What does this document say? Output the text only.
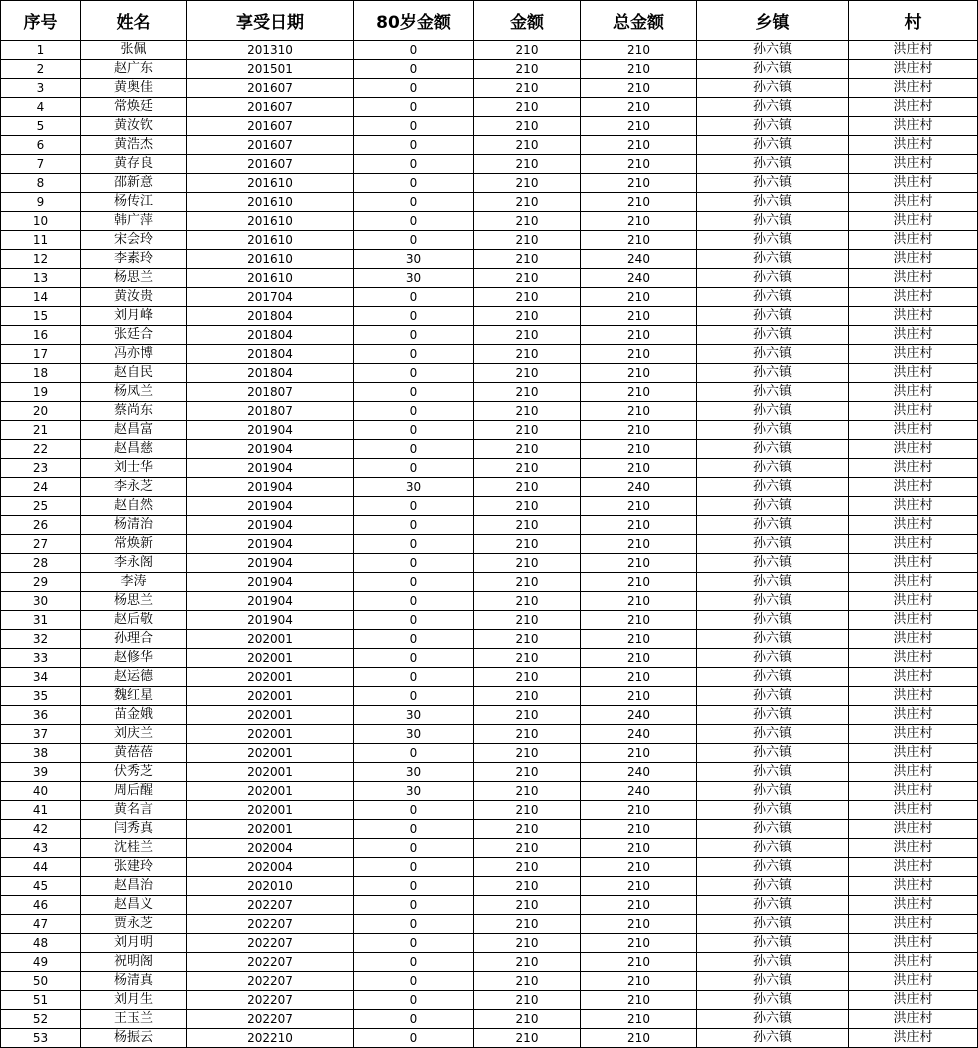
序号	姓名	享受日期	80岁金额	金额	总金额	乡镇	村
1	张佩	201310	0	210	210	孙六镇	洪庄村
2	赵广东	201501	0	210	210	孙六镇	洪庄村
3	黄奥佳	201607	0	210	210	孙六镇	洪庄村
4	常焕廷	201607	0	210	210	孙六镇	洪庄村
5	黄汝钦	201607	0	210	210	孙六镇	洪庄村
6	黄浩杰	201607	0	210	210	孙六镇	洪庄村
7	黄存良	201607	0	210	210	孙六镇	洪庄村
8	邵新意	201610	0	210	210	孙六镇	洪庄村
9	杨传江	201610	0	210	210	孙六镇	洪庄村
10	韩广萍	201610	0	210	210	孙六镇	洪庄村
11	宋会玲	201610	0	210	210	孙六镇	洪庄村
12	李素玲	201610	30	210	240	孙六镇	洪庄村
13	杨思兰	201610	30	210	240	孙六镇	洪庄村
14	黄汝贵	201704	0	210	210	孙六镇	洪庄村
15	刘月峰	201804	0	210	210	孙六镇	洪庄村
16	张廷合	201804	0	210	210	孙六镇	洪庄村
17	冯亦博	201804	0	210	210	孙六镇	洪庄村
18	赵自民	201804	0	210	210	孙六镇	洪庄村
19	杨凤兰	201807	0	210	210	孙六镇	洪庄村
20	蔡尚东	201807	0	210	210	孙六镇	洪庄村
21	赵昌富	201904	0	210	210	孙六镇	洪庄村
22	赵昌慈	201904	0	210	210	孙六镇	洪庄村
23	刘士华	201904	0	210	210	孙六镇	洪庄村
24	李永芝	201904	30	210	240	孙六镇	洪庄村
25	赵自然	201904	0	210	210	孙六镇	洪庄村
26	杨清治	201904	0	210	210	孙六镇	洪庄村
27	常焕新	201904	0	210	210	孙六镇	洪庄村
28	李永阁	201904	0	210	210	孙六镇	洪庄村
29	李涛	201904	0	210	210	孙六镇	洪庄村
30	杨思兰	201904	0	210	210	孙六镇	洪庄村
31	赵后敬	201904	0	210	210	孙六镇	洪庄村
32	孙理合	202001	0	210	210	孙六镇	洪庄村
33	赵修华	202001	0	210	210	孙六镇	洪庄村
34	赵运德	202001	0	210	210	孙六镇	洪庄村
35	魏红星	202001	0	210	210	孙六镇	洪庄村
36	苗金娥	202001	30	210	240	孙六镇	洪庄村
37	刘庆兰	202001	30	210	240	孙六镇	洪庄村
38	黄蓓蓓	202001	0	210	210	孙六镇	洪庄村
39	伏秀芝	202001	30	210	240	孙六镇	洪庄村
40	周后醒	202001	30	210	240	孙六镇	洪庄村
41	黄名言	202001	0	210	210	孙六镇	洪庄村
42	闫秀真	202001	0	210	210	孙六镇	洪庄村
43	沈桂兰	202004	0	210	210	孙六镇	洪庄村
44	张建玲	202004	0	210	210	孙六镇	洪庄村
45	赵昌治	202010	0	210	210	孙六镇	洪庄村
46	赵昌义	202207	0	210	210	孙六镇	洪庄村
47	贾永芝	202207	0	210	210	孙六镇	洪庄村
48	刘月明	202207	0	210	210	孙六镇	洪庄村
49	祝明阁	202207	0	210	210	孙六镇	洪庄村
50	杨清真	202207	0	210	210	孙六镇	洪庄村
51	刘月生	202207	0	210	210	孙六镇	洪庄村
52	王玉兰	202207	0	210	210	孙六镇	洪庄村
53	杨振云	202210	0	210	210	孙六镇	洪庄村
